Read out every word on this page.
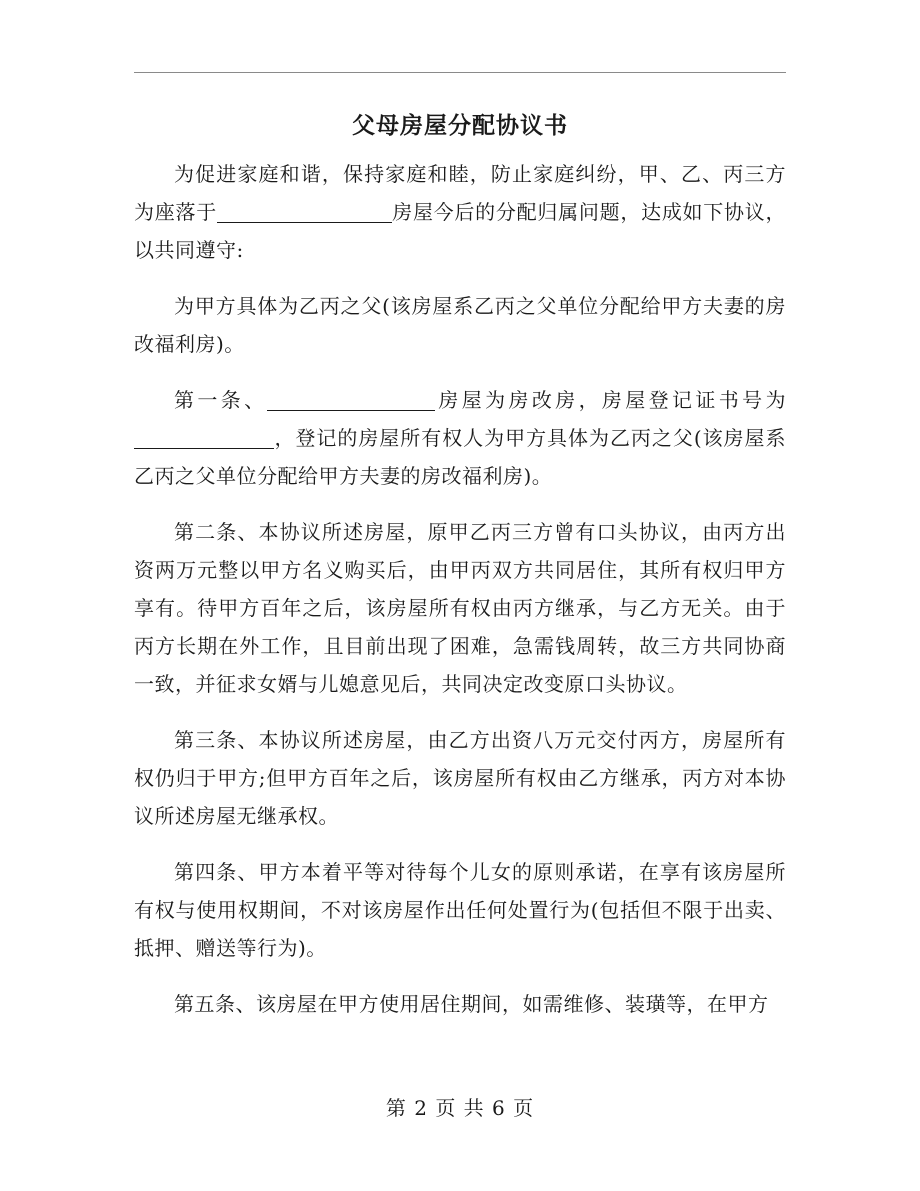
父母房屋分配协议书

为促进家庭和谐，保持家庭和睦，防止家庭纠纷，甲、乙、丙三方为座落于	房屋今后的分配归属问题，达成如下协议，以共同遵守:

为甲方具体为乙丙之父(该房屋系乙丙之父单位分配给甲方夫妻的房改福利房)。

第一条、	房屋为房改房，房屋登记证书号为，登记的房屋所有权人为甲方具体为乙丙之父(该房屋系乙丙之父单位分配给甲方夫妻的房改福利房)。

第二条、本协议所述房屋，原甲乙丙三方曾有口头协议，由丙方出资两万元整以甲方名义购买后，由甲丙双方共同居住，其所有权归甲方享有。待甲方百年之后，该房屋所有权由丙方继承，与乙方无关。由于丙方长期在外工作，且目前出现了困难，急需钱周转，故三方共同协商一致，并征求女婿与儿媳意见后，共同决定改变原口头协议。

第三条、本协议所述房屋，由乙方出资八万元交付丙方，房屋所有权仍归于甲方;但甲方百年之后，该房屋所有权由乙方继承，丙方对本协议所述房屋无继承权。

第四条、甲方本着平等对待每个儿女的原则承诺，在享有该房屋所有权与使用权期间，不对该房屋作出任何处置行为(包括但不限于出卖、抵押、赠送等行为)。

第五条、该房屋在甲方使用居住期间，如需维修、装璜等，在甲方

第 2 页 共 6 页
